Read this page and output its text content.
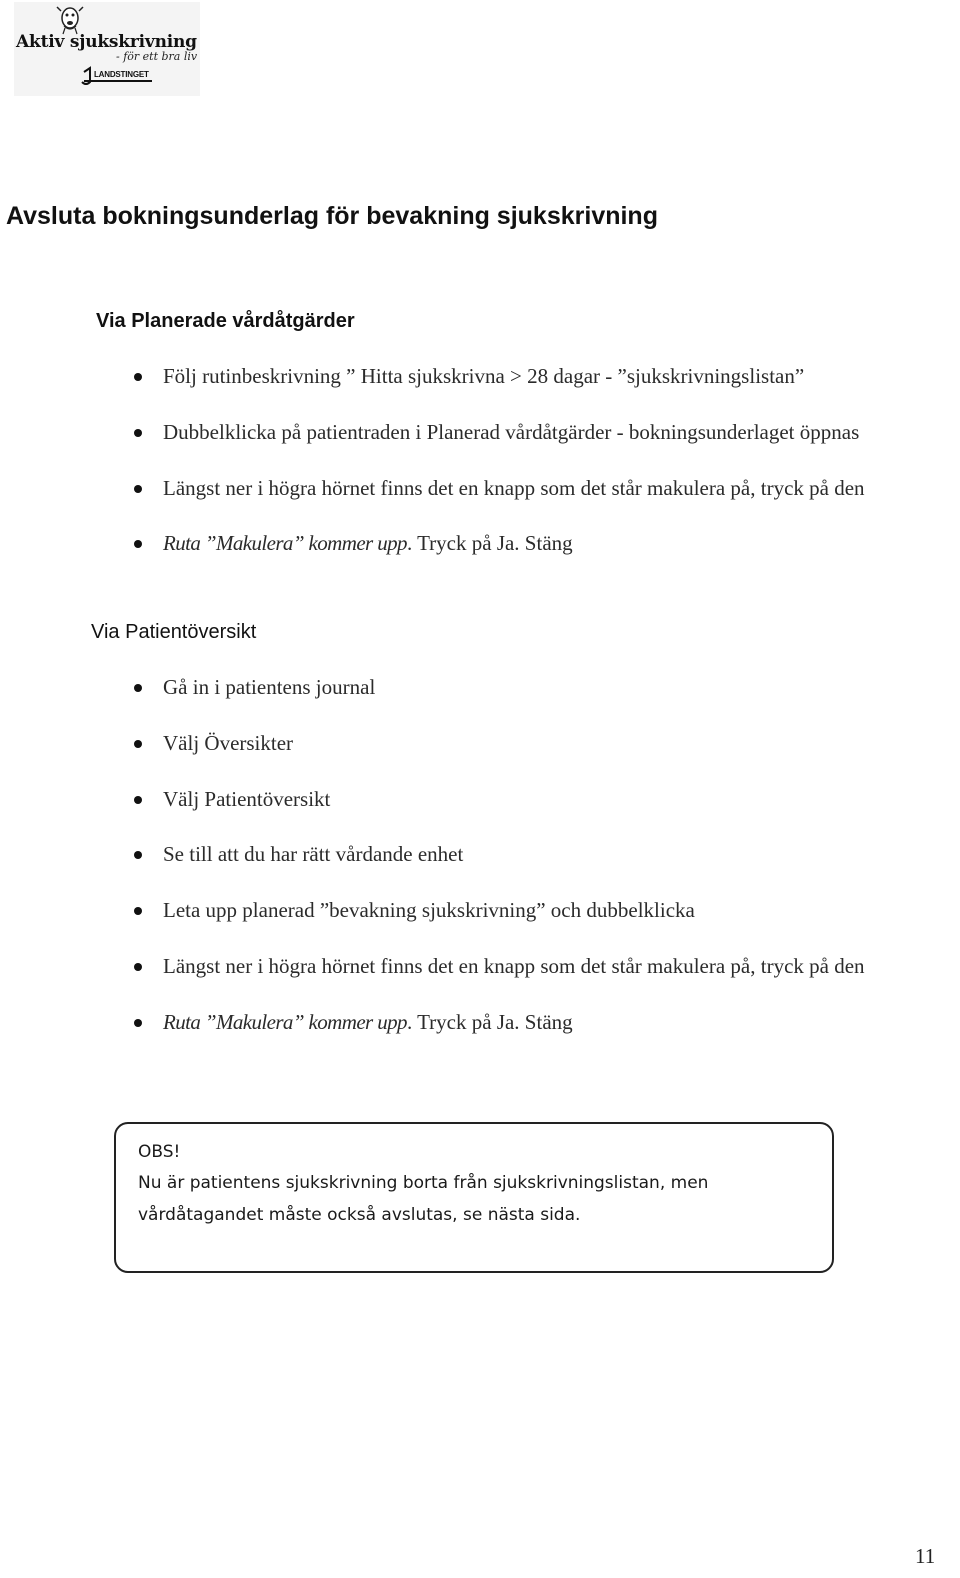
Aktiv sjukskrivning
- för ett bra liv
LANDSTINGET
Avsluta bokningsunderlag för bevakning sjukskrivning
Via Planerade vårdåtgärder
Följ rutinbeskrivning ” Hitta sjukskrivna > 28 dagar - ”sjukskrivningslistan”
Dubbelklicka på patientraden i Planerad vårdåtgärder - bokningsunderlaget öppnas
Längst ner i högra hörnet finns det en knapp som det står makulera på, tryck på den
Ruta ”Makulera” kommer upp. Tryck på Ja. Stäng
Via Patientöversikt
Gå in i patientens journal
Välj Översikter
Välj Patientöversikt
Se till att du har rätt vårdande enhet
Leta upp planerad ”bevakning sjukskrivning” och dubbelklicka
Längst ner i högra hörnet finns det en knapp som det står makulera på, tryck på den
Ruta ”Makulera” kommer upp. Tryck på Ja. Stäng
OBS!
Nu är patientens sjukskrivning borta från sjukskrivningslistan, men
vårdåtagandet måste också avslutas, se nästa sida.
11
